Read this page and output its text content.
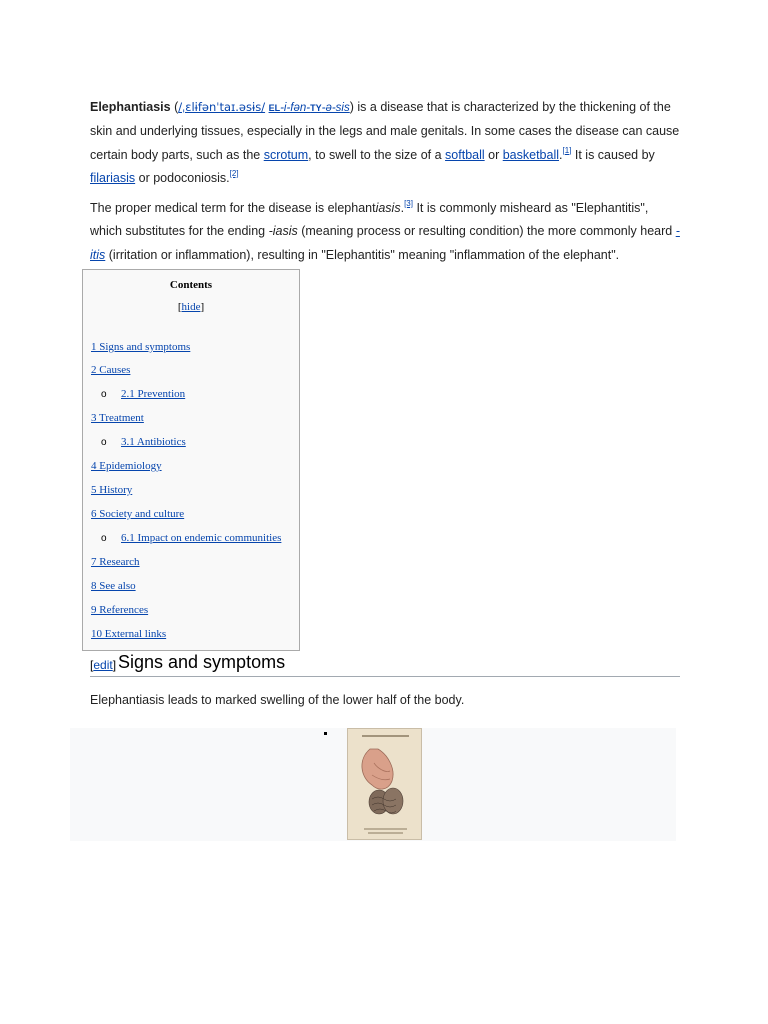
Elephantiasis (/ˌɛlɨfənˈtaɪ.əsɨs/ EL-i-fən-TY-ə-sis) is a disease that is characterized by the thickening of the skin and underlying tissues, especially in the legs and male genitals. In some cases the disease can cause certain body parts, such as the scrotum, to swell to the size of a softball or basketball.[1] It is caused by filariasis or podoconiosis.[2]

The proper medical term for the disease is elephantiasis.[3] It is commonly misheard as "Elephantitis", which substitutes for the ending -iasis (meaning process or resulting condition) the more commonly heard -itis (irritation or inflammation), resulting in "Elephantitis" meaning "inflammation of the elephant".

Contents
[hide]
1 Signs and symptoms
2 Causes
o 2.1 Prevention
3 Treatment
o 3.1 Antibiotics
4 Epidemiology
5 History
6 Society and culture
o 6.1 Impact on endemic communities
7 Research
8 See also
9 References
10 External links
[edit] Signs and symptoms

Elephantiasis leads to marked swelling of the lower half of the body.
